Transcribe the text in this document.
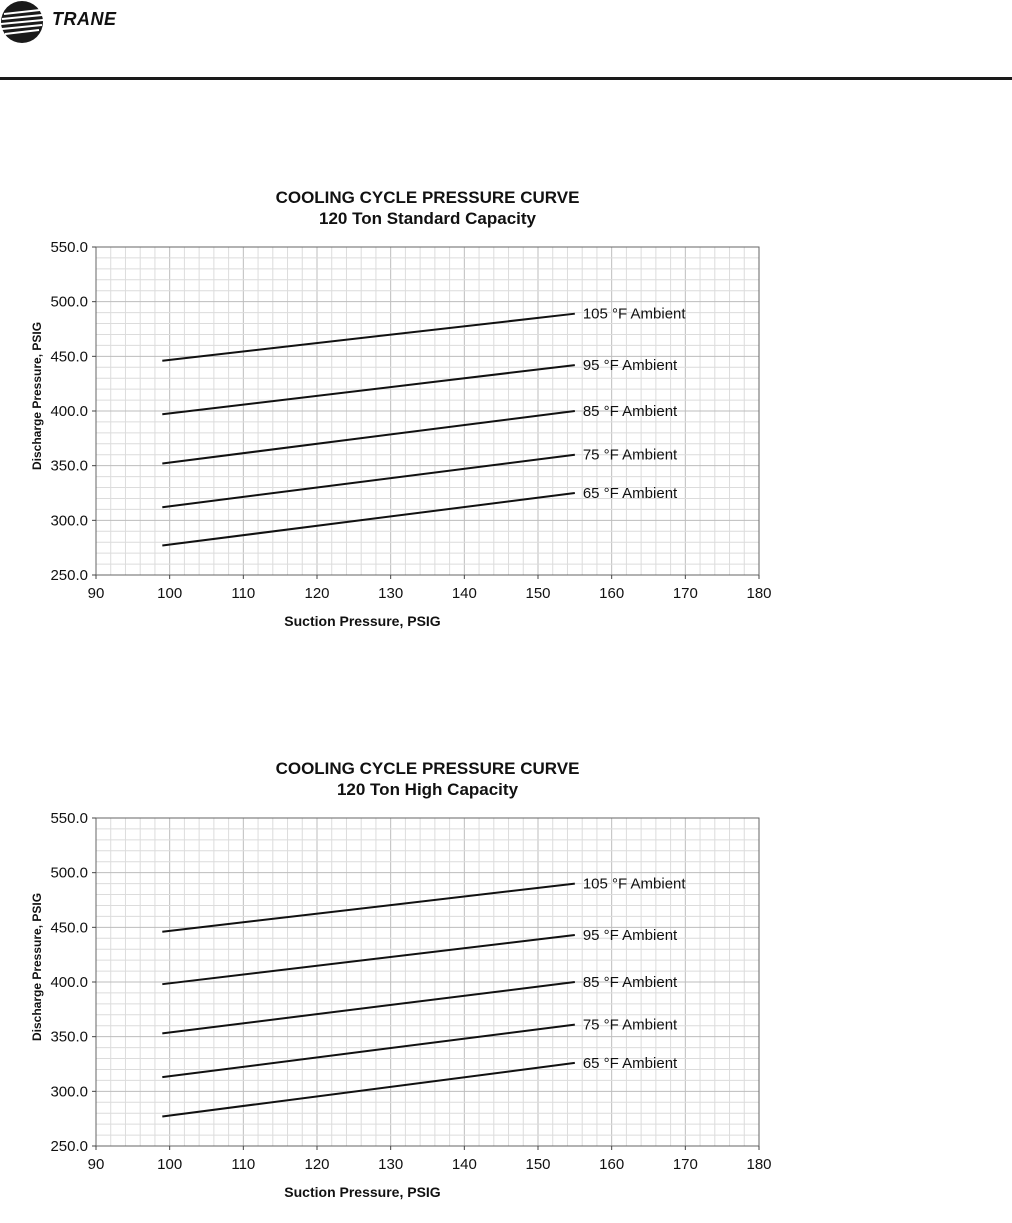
TRANE
COOLING CYCLE PRESSURE CURVE
120 Ton Standard Capacity
90	100	110	120	130	140	150	160	170	180
250.0
300.0
350.0
400.0
450.0
500.0
550.0
Suction Pressure, PSIG
Discharge Pressure, PSIG
105 °F Ambient
95 °F Ambient
85 °F Ambient
75 °F Ambient
65 °F Ambient
COOLING CYCLE PRESSURE CURVE
120 Ton High Capacity
90	100	110	120	130	140	150	160	170	180
250.0
300.0
350.0
400.0
450.0
500.0
550.0
Suction Pressure, PSIG
Discharge Pressure, PSIG
105 °F Ambient
95 °F Ambient
85 °F Ambient
75 °F Ambient
65 °F Ambient
